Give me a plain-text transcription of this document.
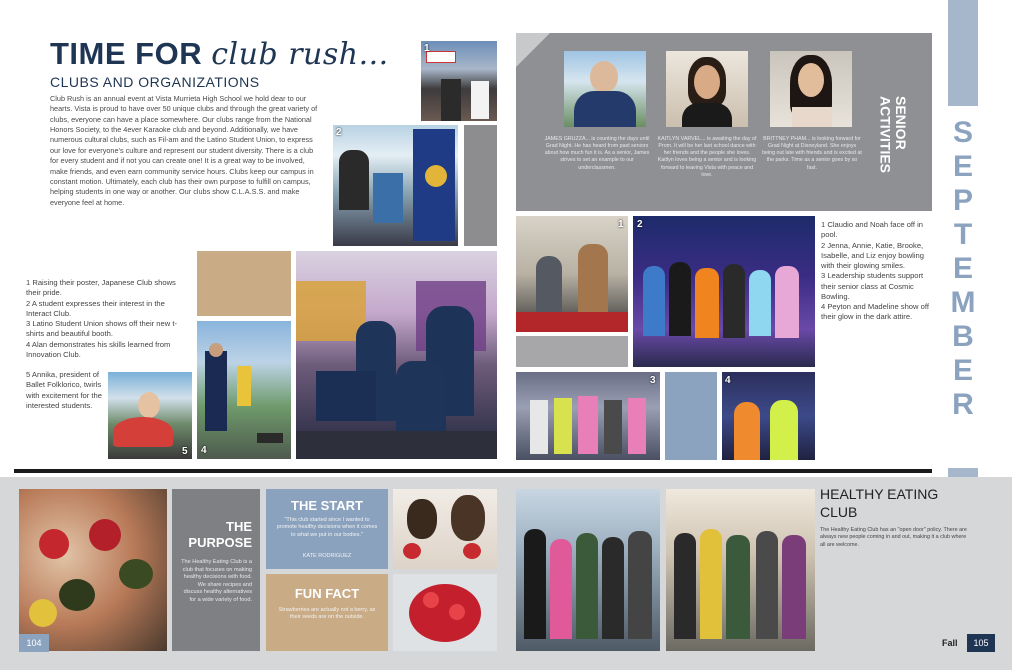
TIME FOR club rush...
CLUBS AND ORGANIZATIONS
Club Rush is an annual event at Vista Murrieta High School we hold dear to our hearts. Vista is proud to have over 50 unique clubs and through the great variety of clubs, everyone can have a place somewhere. Our clubs range from the National Honors Society, to the 4ever Karaoke club and beyond. Additionally, we have numerous cultural clubs, such as Fil-am and the Latino Student Union, to express our love for everyone's culture and represent our student diversity. There is a club for every student and if not you can create one! It is a great way to be involved, make friends, and even earn community service hours. Clubs keep our campus in constant motion. Ultimately, each club has their own purpose to fulfill on campus, helping students in one way or another. Our clubs show C.L.A.S.S. and make everyone feel at home.
1
2
1 Raising their poster, Japanese Club shows their pride.
2 A student expresses their interest in the Interact Club.
3 Latino Student Union shows off their new t-shirts and beautiful booth.
4 Alan demonstrates his skills learned from Innovation Club.
5 Annika, president of Ballet Folklorico, twirls with excitement for the interested students.
5 4
JAMES GRUZZA... is counting the days until Grad Night. He has heard from past seniors about how much fun it is. As a senior, James strives to set an example to our underclassmen.
KAITLYN VARVEL... is awaiting the day of Prom. It will be her last school dance with her friends and the people she loves. Kaitlyn loves being a senior and is looking forward to leaving Vista with peace and love.
BRITTNEY PHAM... is looking forward for Grad Night at Disneyland. She enjoys being out late with friends and is excited at the parks. Time as a senior goes by so fast.
SENIOR
ACTIVITIES	S
E
P
T
E
M
B
E
R
1 2	1 Claudio and Noah face off in pool.
2 Jenna, Annie, Katie, Brooke, Isabelle, and Liz enjoy bowling with their glowing smiles.
3 Leadership students support their senior class at Cosmic Bowling.
4 Peyton and Madeline show off their glow in the dark attire.
3	4
104
THE
PURPOSE
The Healthy Eating Club is a club that focuses on making healthy decisions with food. We share recipes and discuss healthy alternatives for a wide variety of food.
THE START
"This club started since I wanted to promote healthy decisions when it comes to what we put in our bodies."
KATE RODRIGUEZ
FUN FACT
Strawberries are actually not a berry, as their seeds are on the outside.
HEALTHY EATING
CLUB
The Healthy Eating Club has an "open door" policy. There are always new people coming in and out, making it a club where all are welcome.
Fall	105
